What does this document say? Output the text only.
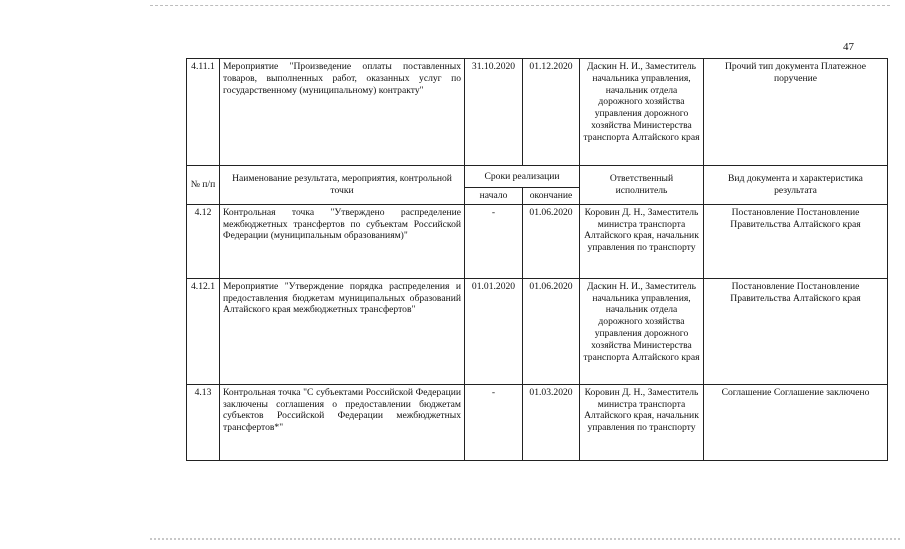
47
4.11.1	Мероприятие "Произведение оплаты поставленных товаров, выполненных работ, оказанных услуг по государственному (муниципальному) контракту"	31.10.2020	01.12.2020	Даскин Н. И., Заместитель начальника управления, начальник отдела дорожного хозяйства управления дорожного хозяйства Министерства транспорта Алтайского края	Прочий тип документа Платежное поручение
№ п/п	Наименование результата, мероприятия, контрольной точки	Сроки реализации		Ответственный исполнитель	Вид документа и характеристика результата
		начало	окончание		
4.12	Контрольная точка "Утверждено распределение межбюджетных трансфертов по субъектам Российской Федерации (муниципальным образованиям)"	-	01.06.2020	Коровин Д. Н., Заместитель министра транспорта Алтайского края, начальник управления по транспорту	Постановление Постановление Правительства Алтайского края
4.12.1	Мероприятие "Утверждение порядка распределения и предоставления бюджетам муниципальных образований Алтайского края межбюджетных трансфертов"	01.01.2020	01.06.2020	Даскин Н. И., Заместитель начальника управления, начальник отдела дорожного хозяйства управления дорожного хозяйства Министерства транспорта Алтайского края	Постановление Постановление Правительства Алтайского края
4.13	Контрольная точка "С субъектами Российской Федерации заключены соглашения о предоставлении бюджетам субъектов Российской Федерации межбюджетных трансфертов*"	-	01.03.2020	Коровин Д. Н., Заместитель министра транспорта Алтайского края, начальник управления по транспорту	Соглашение Соглашение заключено
